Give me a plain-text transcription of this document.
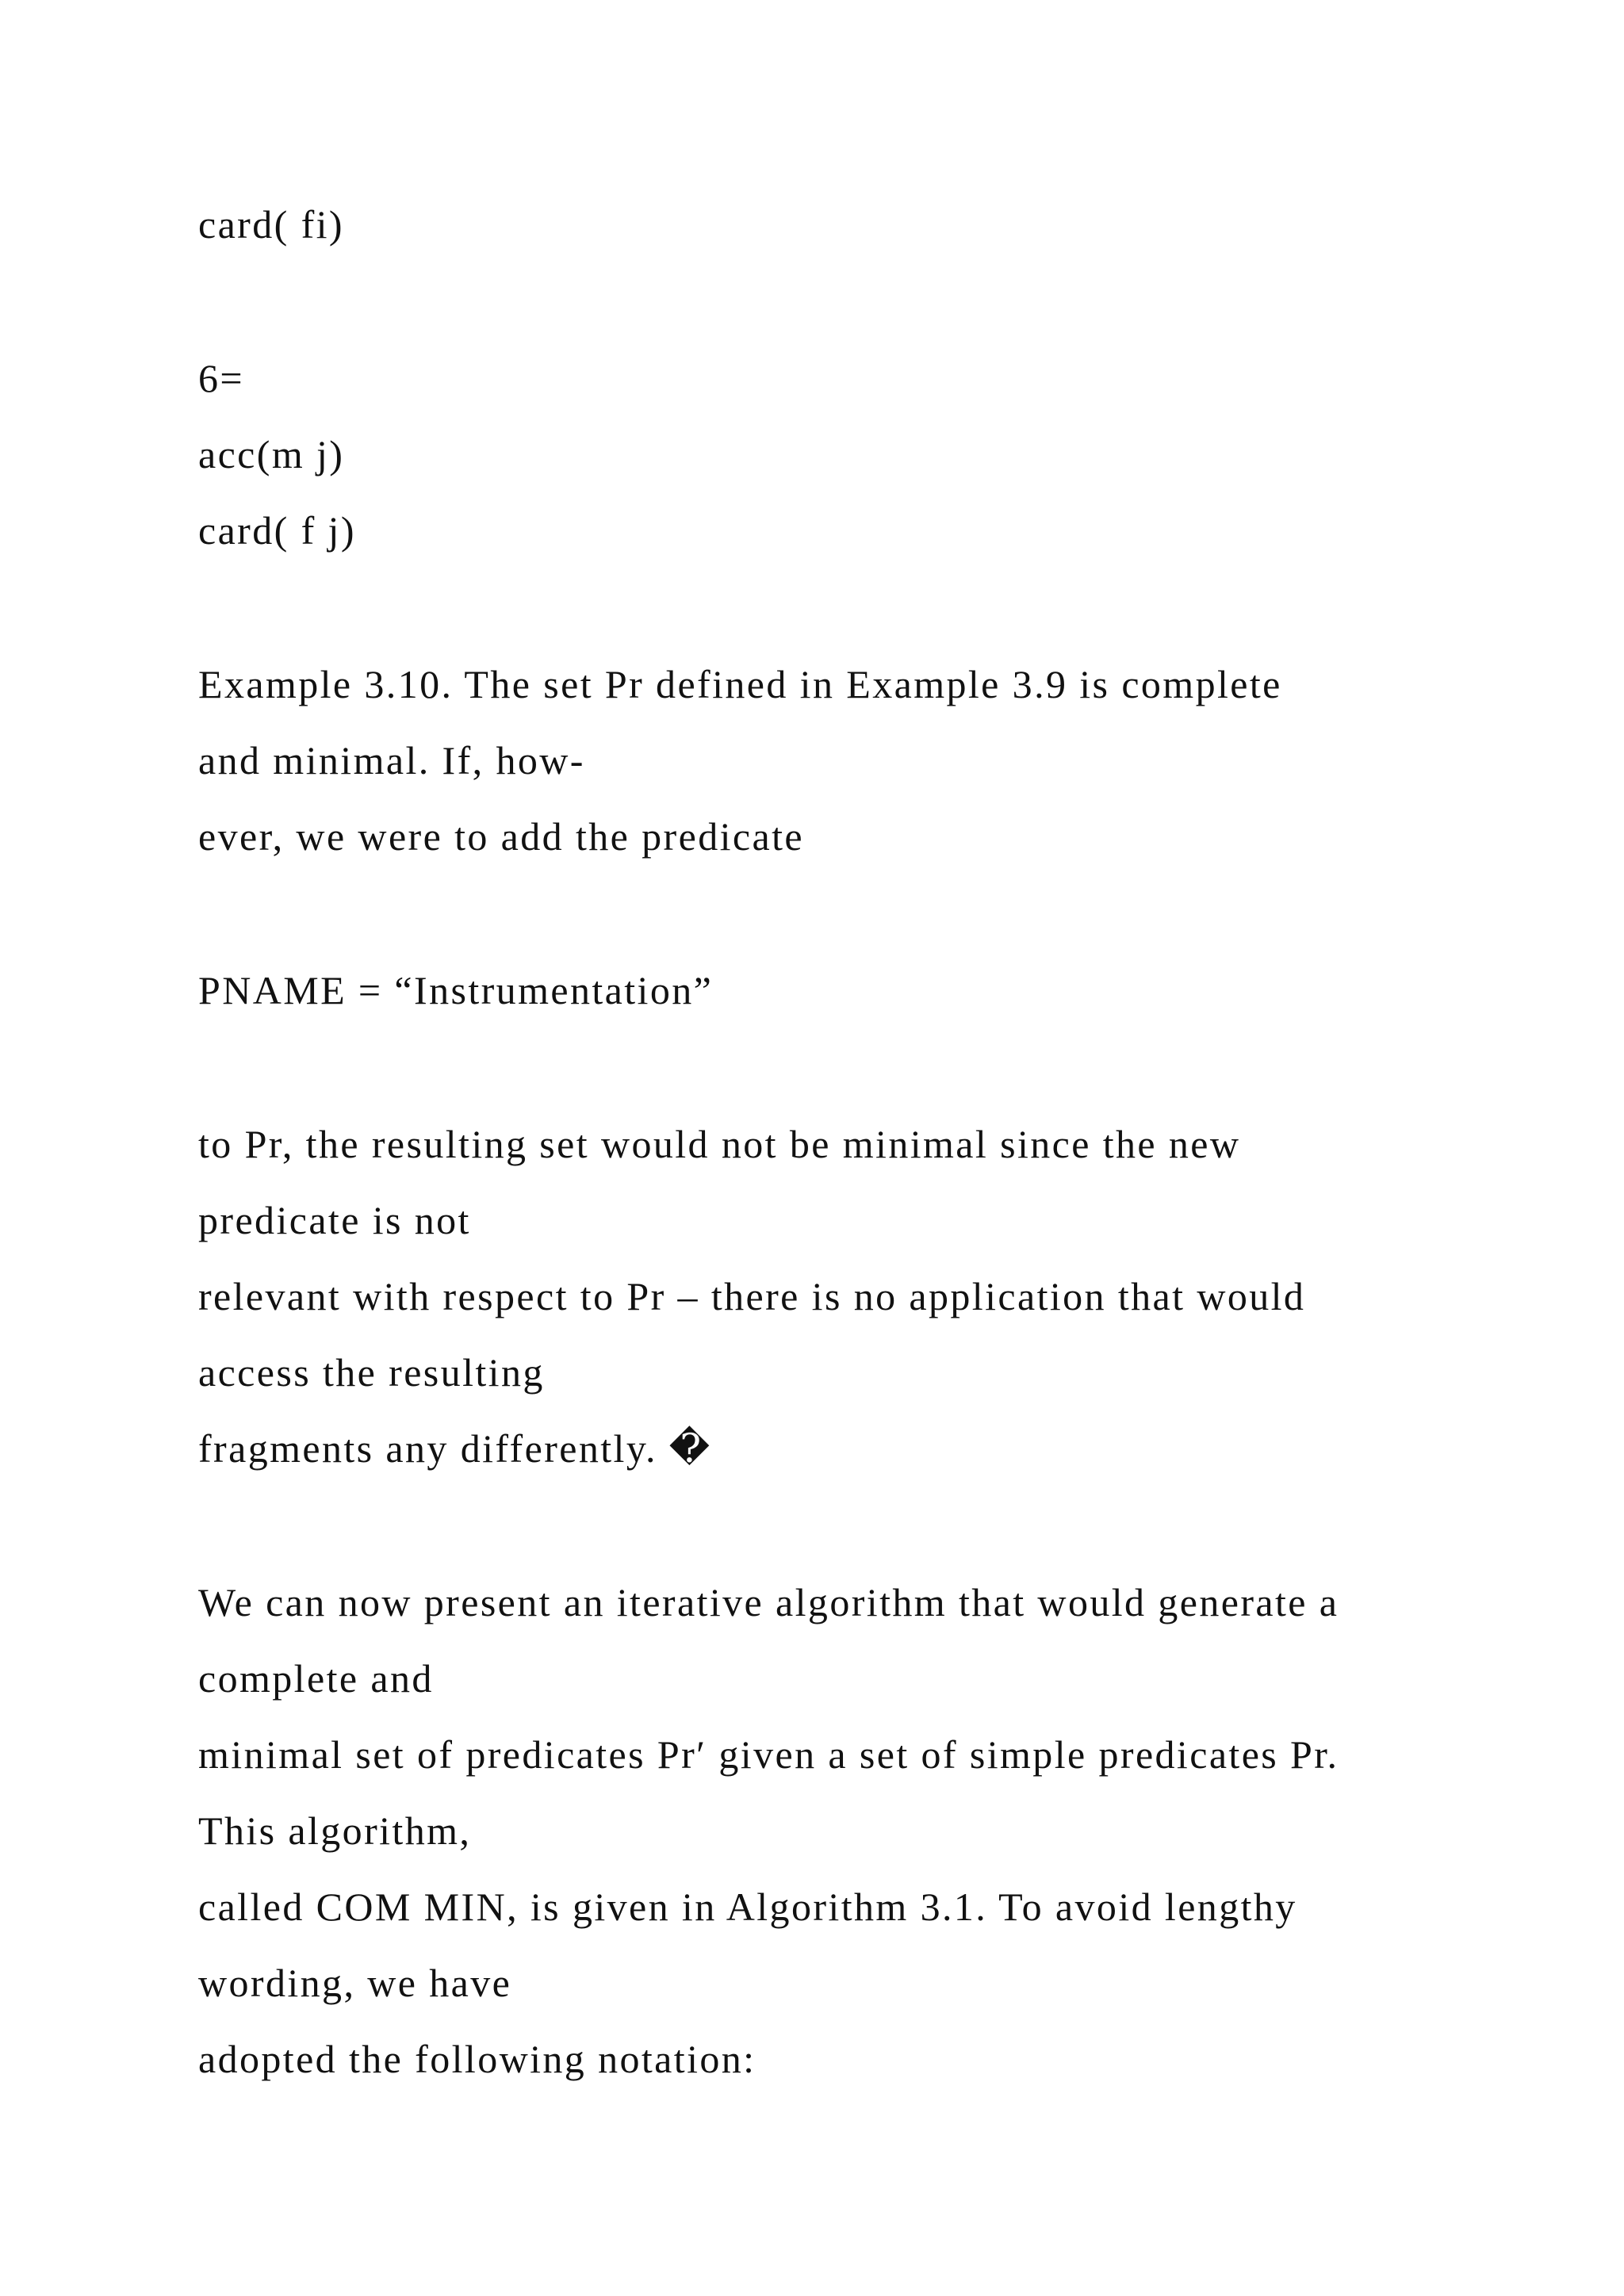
card( fi)

6=

acc(m j)

card( f j)

Example 3.10. The set Pr defined in Example 3.9 is complete

and minimal. If, how-

ever, we were to add the predicate

PNAME = “Instrumentation”

to Pr, the resulting set would not be minimal since the new

predicate is not

relevant with respect to Pr – there is no application that would

access the resulting

fragments any differently. �

We can now present an iterative algorithm that would generate a

complete and

minimal set of predicates Pr′ given a set of simple predicates Pr.

This algorithm,

called COM MIN, is given in Algorithm 3.1. To avoid lengthy

wording, we have

adopted the following notation:
